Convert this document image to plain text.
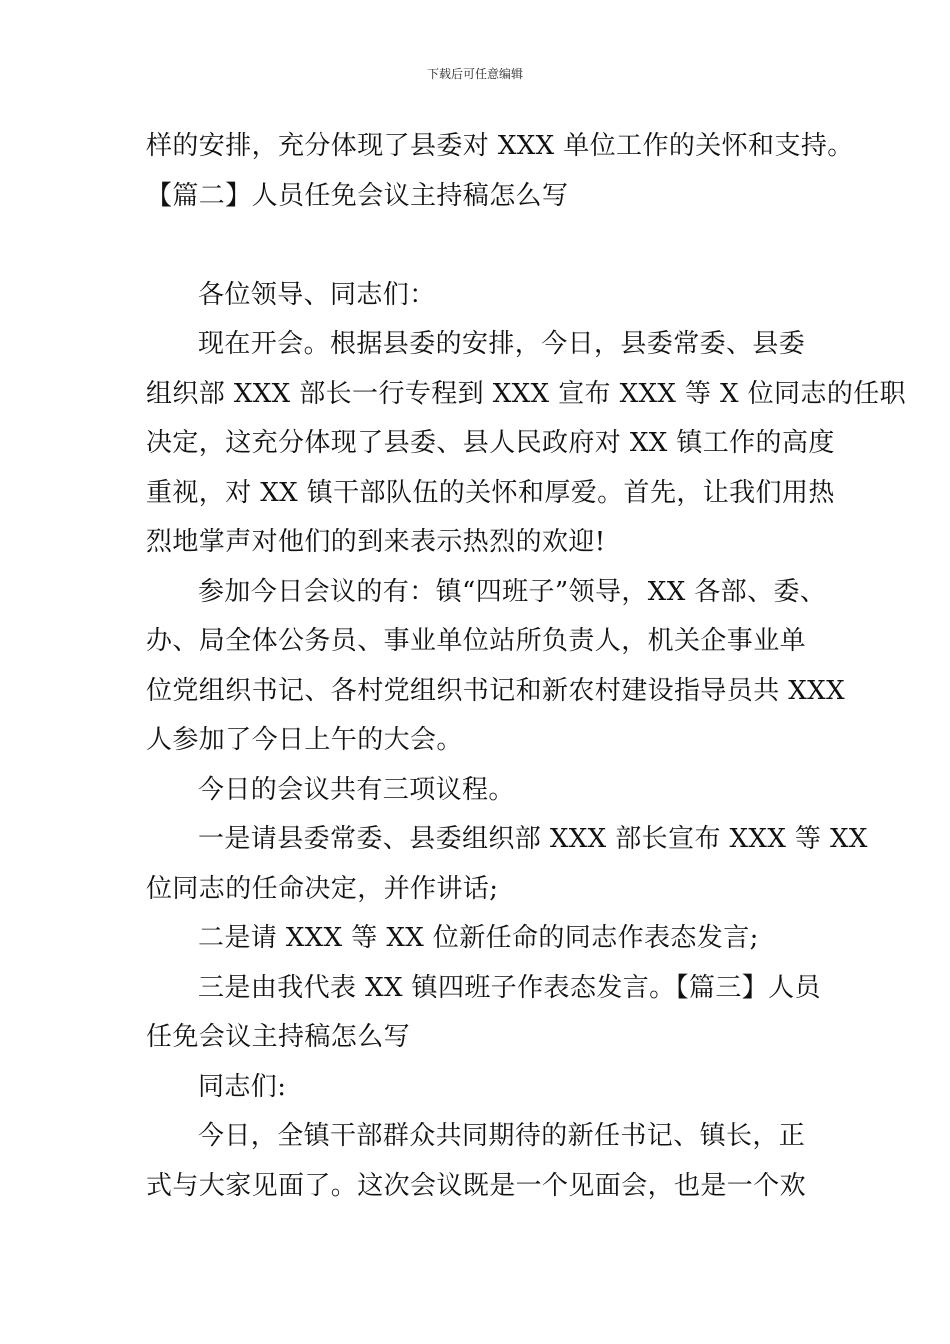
下载后可任意编辑
样的安排，充分体现了县委对 XXX 单位工作的关怀和支持。
【篇二】人员任免会议主持稿怎么写
各位领导、同志们：
现在开会。根据县委的安排，今日，县委常委、县委
组织部 XXX 部长一行专程到 XXX 宣布 XXX 等 X 位同志的任职
决定，这充分体现了县委、县人民政府对 XX 镇工作的高度
重视，对 XX 镇干部队伍的关怀和厚爱。首先，让我们用热
烈地掌声对他们的到来表示热烈的欢迎!
参加今日会议的有：镇“四班子”领导，XX 各部、委、
办、局全体公务员、事业单位站所负责人，机关企事业单
位党组织书记、各村党组织书记和新农村建设指导员共 XXX
人参加了今日上午的大会。
今日的会议共有三项议程。
一是请县委常委、县委组织部 XXX 部长宣布 XXX 等 XX
位同志的任命决定，并作讲话;
二是请 XXX 等 XX 位新任命的同志作表态发言;
三是由我代表 XX 镇四班子作表态发言。【篇三】人员
任免会议主持稿怎么写
同志们:
今日，全镇干部群众共同期待的新任书记、镇长，正
式与大家见面了。这次会议既是一个见面会，也是一个欢
